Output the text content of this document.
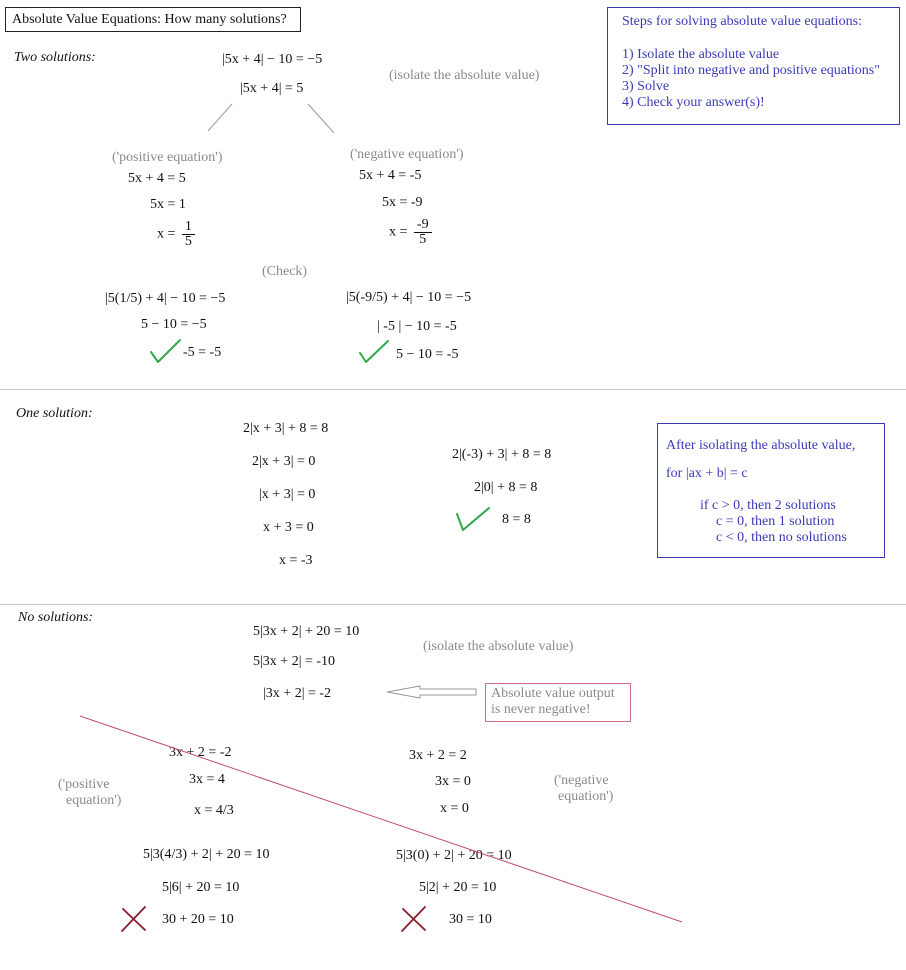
Absolute Value Equations: How many solutions?	Steps for solving absolute value equations:
1) Isolate the absolute value
2) "Split into negative and positive equations"
3) Solve
4) Check your answer(s)!
Two solutions:	|5x + 4| − 10 = −5
|5x + 4| = 5
(isolate the absolute value)
('positive equation')	('negative equation')
5x + 4 = 5
5x = 1
$x = \frac{1}{5}$
5x + 4 = -5
5x = -9
$x = \frac{-9}{5}$
(Check)
|5(1/5) + 4| − 10 = −5
5 − 10 = −5
-5 = -5
|5(-9/5) + 4| − 10 = −5
| -5 | − 10 = -5
5 − 10 = -5
One solution:
2|x + 3| + 8 = 8
2|x + 3| = 0
|x + 3| = 0
x + 3 = 0
x = -3
2|(-3) + 3| + 8 = 8
2|0| + 8 = 8
8 = 8
After isolating the absolute value,
for |ax + b| = c
if c > 0, then 2 solutions
c = 0, then 1 solution
c < 0, then no solutions
No solutions:
5|3x + 2| + 20 = 10
5|3x + 2| = -10
|3x + 2| = -2
(isolate the absolute value)
Absolute value output
is never negative!
('positive
equation')
('negative
equation')
3x + 2 = -2
3x = 4
x = 4/3
3x + 2 = 2
3x = 0
x = 0
5|3(4/3) + 2| + 20 = 10
5|6| + 20 = 10
30 + 20 = 10
5|3(0) + 2| + 20 = 10
5|2| + 20 = 10
30 = 10
